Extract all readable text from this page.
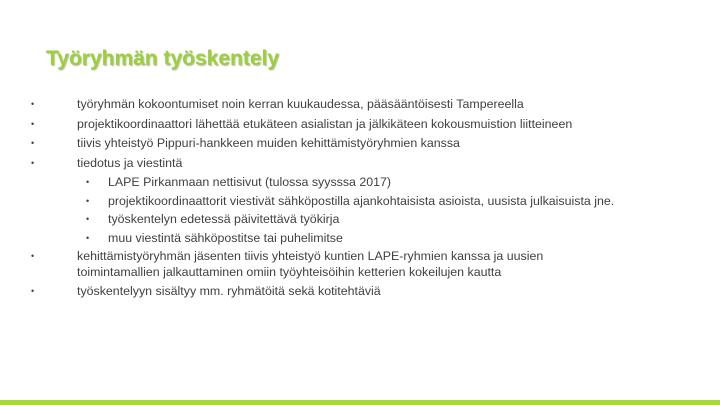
Työryhmän työskentely
•	työryhmän kokoontumiset noin kerran kuukaudessa, pääsääntöisesti Tampereella
•	projektikoordinaattori lähettää etukäteen asialistan ja jälkikäteen kokousmuistion liitteineen
•	tiivis yhteistyö Pippuri-hankkeen muiden kehittämistyöryhmien kanssa
•	tiedotus ja viestintä
• LAPE Pirkanmaan nettisivut (tulossa syysssa 2017)
• projektikoordinaattorit viestivät sähköpostilla ajankohtaisista asioista, uusista julkaisuista jne.
• työskentelyn edetessä päivitettävä työkirja
• muu viestintä sähköpostitse tai puhelimitse
•	kehittämistyöryhmän jäsenten tiivis yhteistyö kuntien LAPE-ryhmien kanssa ja uusien toimintamallien jalkauttaminen omiin työyhteisöihin ketterien kokeilujen kautta
•	työskentelyyn sisältyy mm. ryhmätöitä sekä kotitehtäviä
